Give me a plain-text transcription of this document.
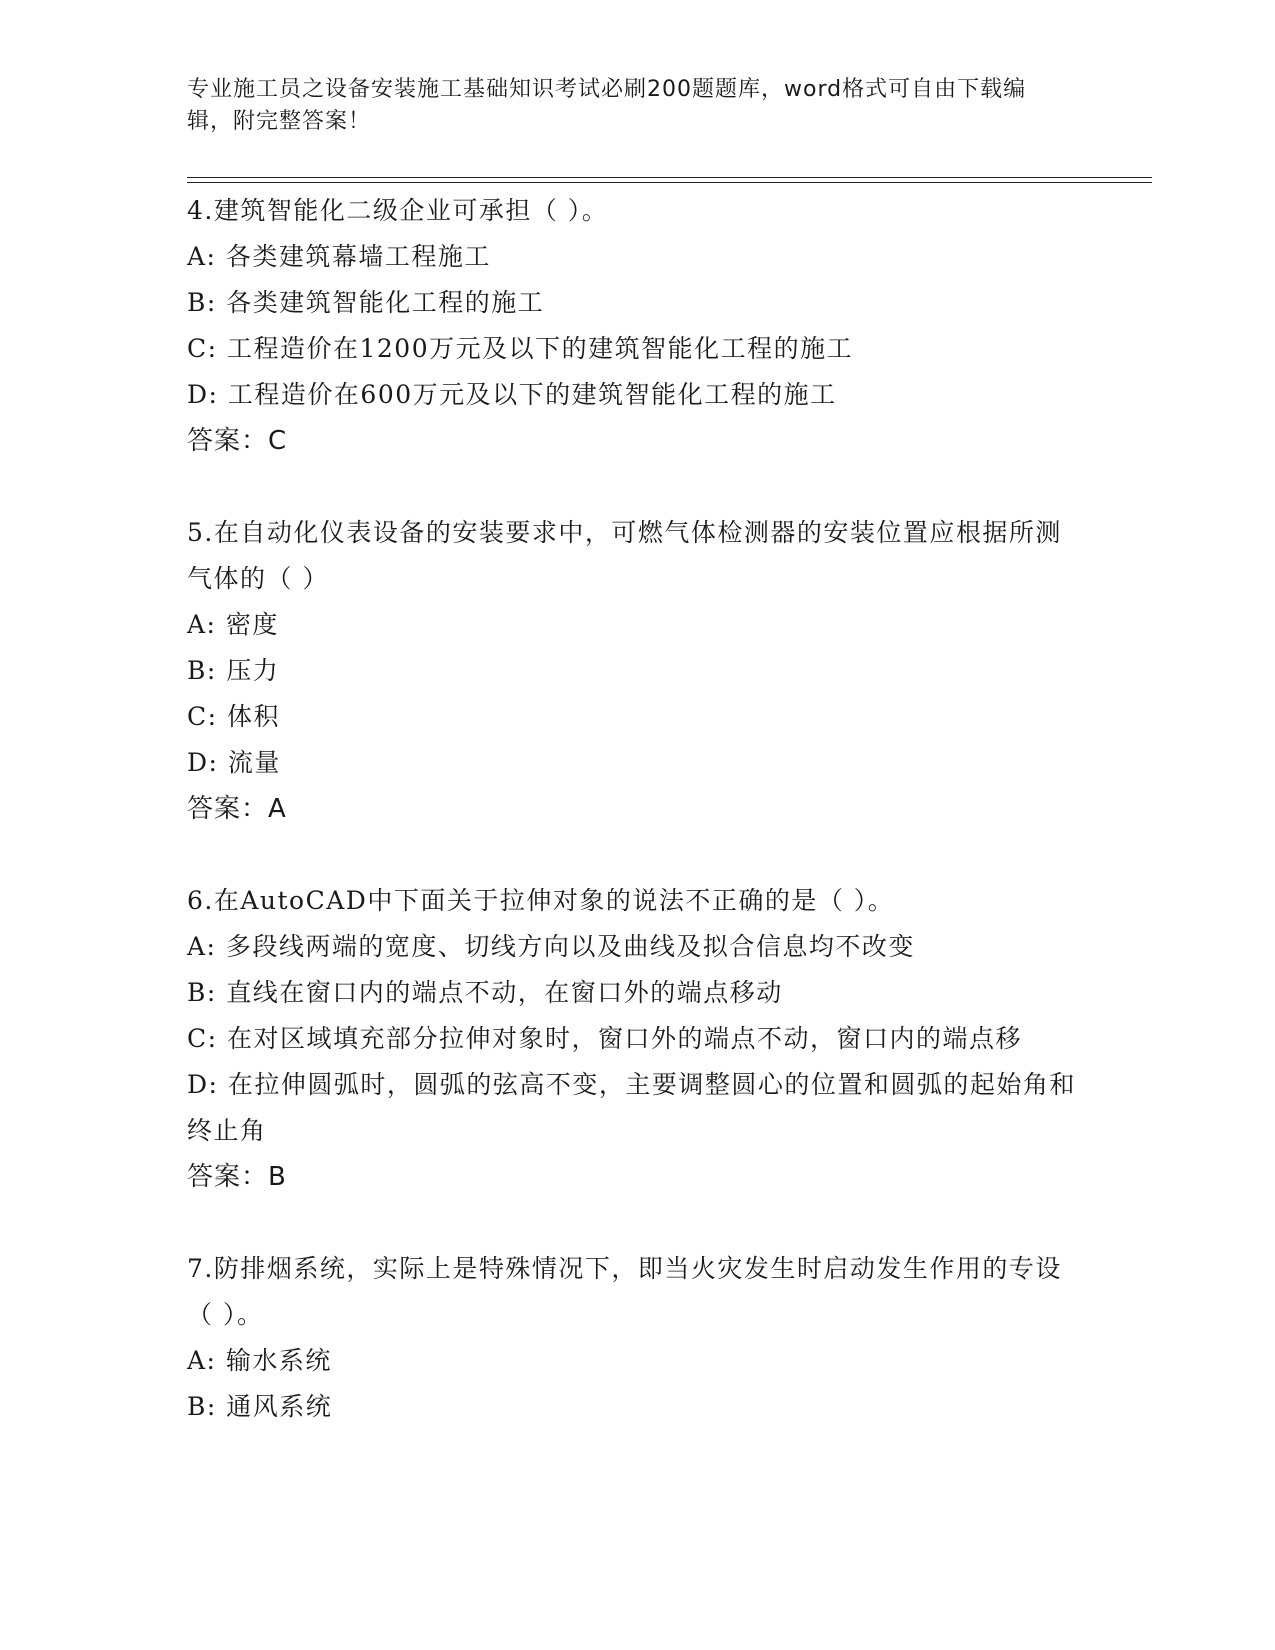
专业施工员之设备安装施工基础知识考试必刷200题题库，word格式可自由下载编辑，附完整答案！

4.建筑智能化二级企业可承担（ ）。

A: 各类建筑幕墙工程施工

B: 各类建筑智能化工程的施工

C: 工程造价在1200万元及以下的建筑智能化工程的施工

D: 工程造价在600万元及以下的建筑智能化工程的施工

答案：C

5.在自动化仪表设备的安装要求中，可燃气体检测器的安装位置应根据所测气体的（ ）

A: 密度

B: 压力

C: 体积

D: 流量

答案：A

6.在AutoCAD中下面关于拉伸对象的说法不正确的是（ ）。

A: 多段线两端的宽度、切线方向以及曲线及拟合信息均不改变

B: 直线在窗口内的端点不动，在窗口外的端点移动

C: 在对区域填充部分拉伸对象时，窗口外的端点不动，窗口内的端点移

D: 在拉伸圆弧时，圆弧的弦高不变，主要调整圆心的位置和圆弧的起始角和终止角

答案：B

7.防排烟系统，实际上是特殊情况下，即当火灾发生时启动发生作用的专设（ ）。

A: 输水系统

B: 通风系统
